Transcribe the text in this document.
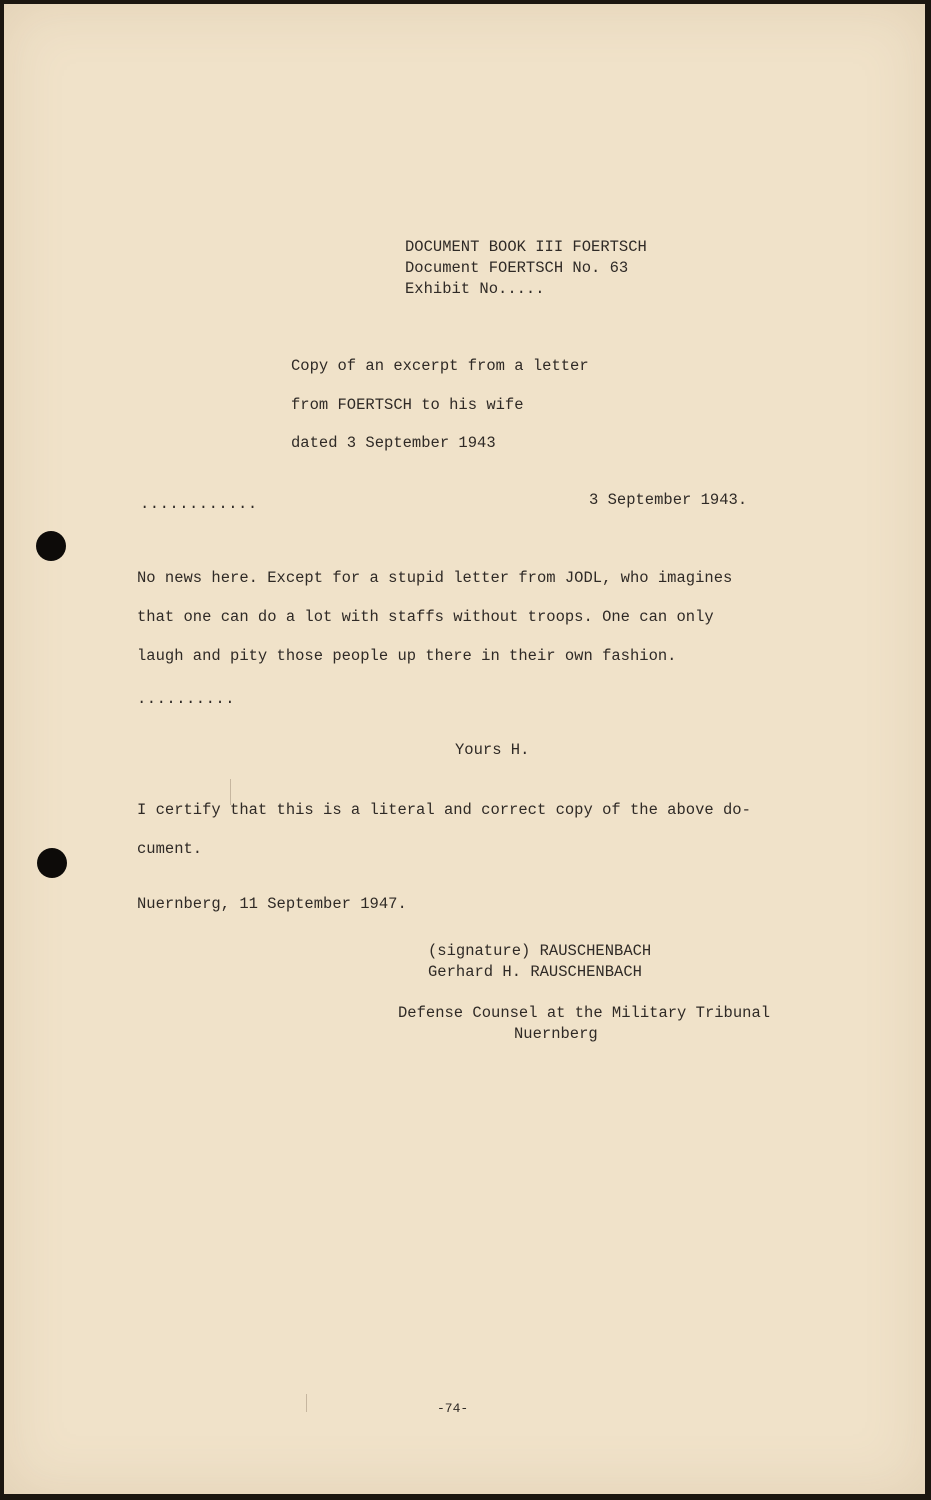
DOCUMENT BOOK III FOERTSCH
Document FOERTSCH No. 63
Exhibit No.....
Copy of an excerpt from a letter
from FOERTSCH to his wife
dated 3 September 1943
............	3 September 1943.
No news here. Except for a stupid letter from JODL, who imagines
that one can do a lot with staffs without troops. One can only
laugh and pity those people up there in their own fashion.
..........
Yours H.
I certify that this is a literal and correct copy of the above do-
cument.
Nuernberg, 11 September 1947.
(signature) RAUSCHENBACH
Gerhard H. RAUSCHENBACH
Defense Counsel at the Military Tribunal
Nuernberg
-74-
